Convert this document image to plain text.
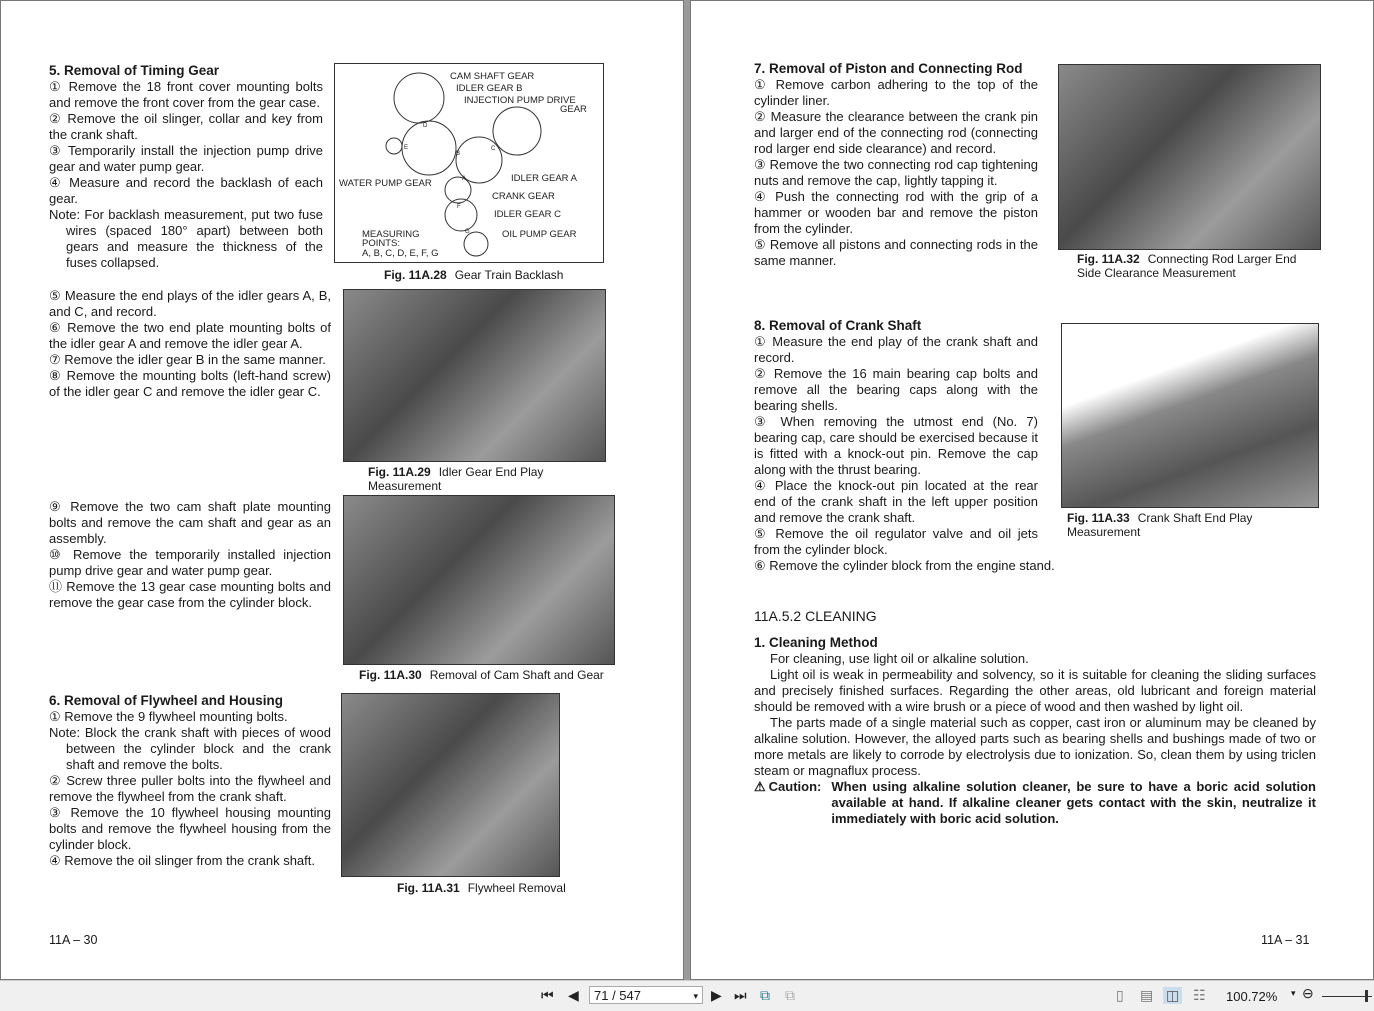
5. Removal of Timing Gear

① Remove the 18 front cover mounting bolts and remove the front cover from the gear case.

② Remove the oil slinger, collar and key from the crank shaft.

③ Temporarily install the injection pump drive gear and water pump gear.

④ Measure and record the backlash of each gear.

Note: For backlash measurement, put two fuse wires (spaced 180° apart) between both gears and measure the thickness of the fuses collapsed.

⑤ Measure the end plays of the idler gears A, B, and C, and record.

⑥ Remove the two end plate mounting bolts of the idler gear A and remove the idler gear A.

⑦ Remove the idler gear B in the same manner.

⑧ Remove the mounting bolts (left-hand screw) of the idler gear C and remove the idler gear C.

⑨ Remove the two cam shaft plate mounting bolts and remove the cam shaft and gear as an assembly.

⑩ Remove the temporarily installed injection pump drive gear and water pump gear.

⑪ Remove the 13 gear case mounting bolts and remove the gear case from the cylinder block.

6. Removal of Flywheel and Housing

① Remove the 9 flywheel mounting bolts.

Note: Block the crank shaft with pieces of wood between the cylinder block and the crank shaft and remove the bolts.

② Screw three puller bolts into the flywheel and remove the flywheel from the crank shaft.

③ Remove the 10 flywheel housing mounting bolts and remove the flywheel housing from the cylinder block.

④ Remove the oil slinger from the crank shaft.

CAM SHAFT GEAR
IDLER GEAR B
INJECTION PUMP DRIVE
GEAR
WATER PUMP GEAR	IDLER GEAR A
CRANK GEAR
IDLER GEAR C
OIL PUMP GEAR
MEASURING
POINTS:
A, B, C, D, E, F, G
A
B
C
D
E
F
G
Fig. 11A.28 Gear Train Backlash
Fig. 11A.29 Idler Gear End Play Measurement
Fig. 11A.30 Removal of Cam Shaft and Gear
Fig. 11A.31 Flywheel Removal
11A – 30

7. Removal of Piston and Connecting Rod

① Remove carbon adhering to the top of the cylinder liner.

② Measure the clearance between the crank pin and larger end of the connecting rod (connecting rod larger end side clearance) and record.

③ Remove the two connecting rod cap tightening nuts and remove the cap, lightly tapping it.

④ Push the connecting rod with the grip of a hammer or wooden bar and remove the piston from the cylinder.

⑤ Remove all pistons and connecting rods in the same manner.	Fig. 11A.32 Connecting Rod Larger End Side Clearance Measurement

8. Removal of Crank Shaft

① Measure the end play of the crank shaft and record.

② Remove the 16 main bearing cap bolts and remove all the bearing caps along with the bearing shells.

③ When removing the utmost end (No. 7) bearing cap, care should be exercised because it is fitted with a knock-out pin. Remove the cap along with the thrust bearing.

④ Place the knock-out pin located at the rear end of the crank shaft in the left upper position and remove the crank shaft.

⑤ Remove the oil regulator valve and oil jets from the cylinder block.

⑥ Remove the cylinder block from the engine stand.

Fig. 11A.33 Crank Shaft End Play Measurement
11A.5.2 CLEANING

1. Cleaning Method

For cleaning, use light oil or alkaline solution.

Light oil is weak in permeability and solvency, so it is suitable for cleaning the sliding surfaces and precisely finished surfaces. Regarding the other areas, old lubricant and foreign material should be removed with a wire brush or a piece of wood and then washed by light oil.

The parts made of a single material such as copper, cast iron or aluminum may be cleaned by alkaline solution. However, the alloyed parts such as bearing shells and bushings made of two or more metals are likely to corrode by electrolysis due to ionization. So, clean them by using triclen steam or magnaflux process.

⚠ Caution: When using alkaline solution cleaner, be sure to have a boric acid solution available at hand. If alkaline cleaner gets contact with the skin, neutralize it immediately with boric acid solution.
11A – 31
⏮ ◀	71 / 547	▾ ▶ ⏭ ⧉ ⧉	▯ ▤ ◫ ☷ 100.72% ▾ ⊖
